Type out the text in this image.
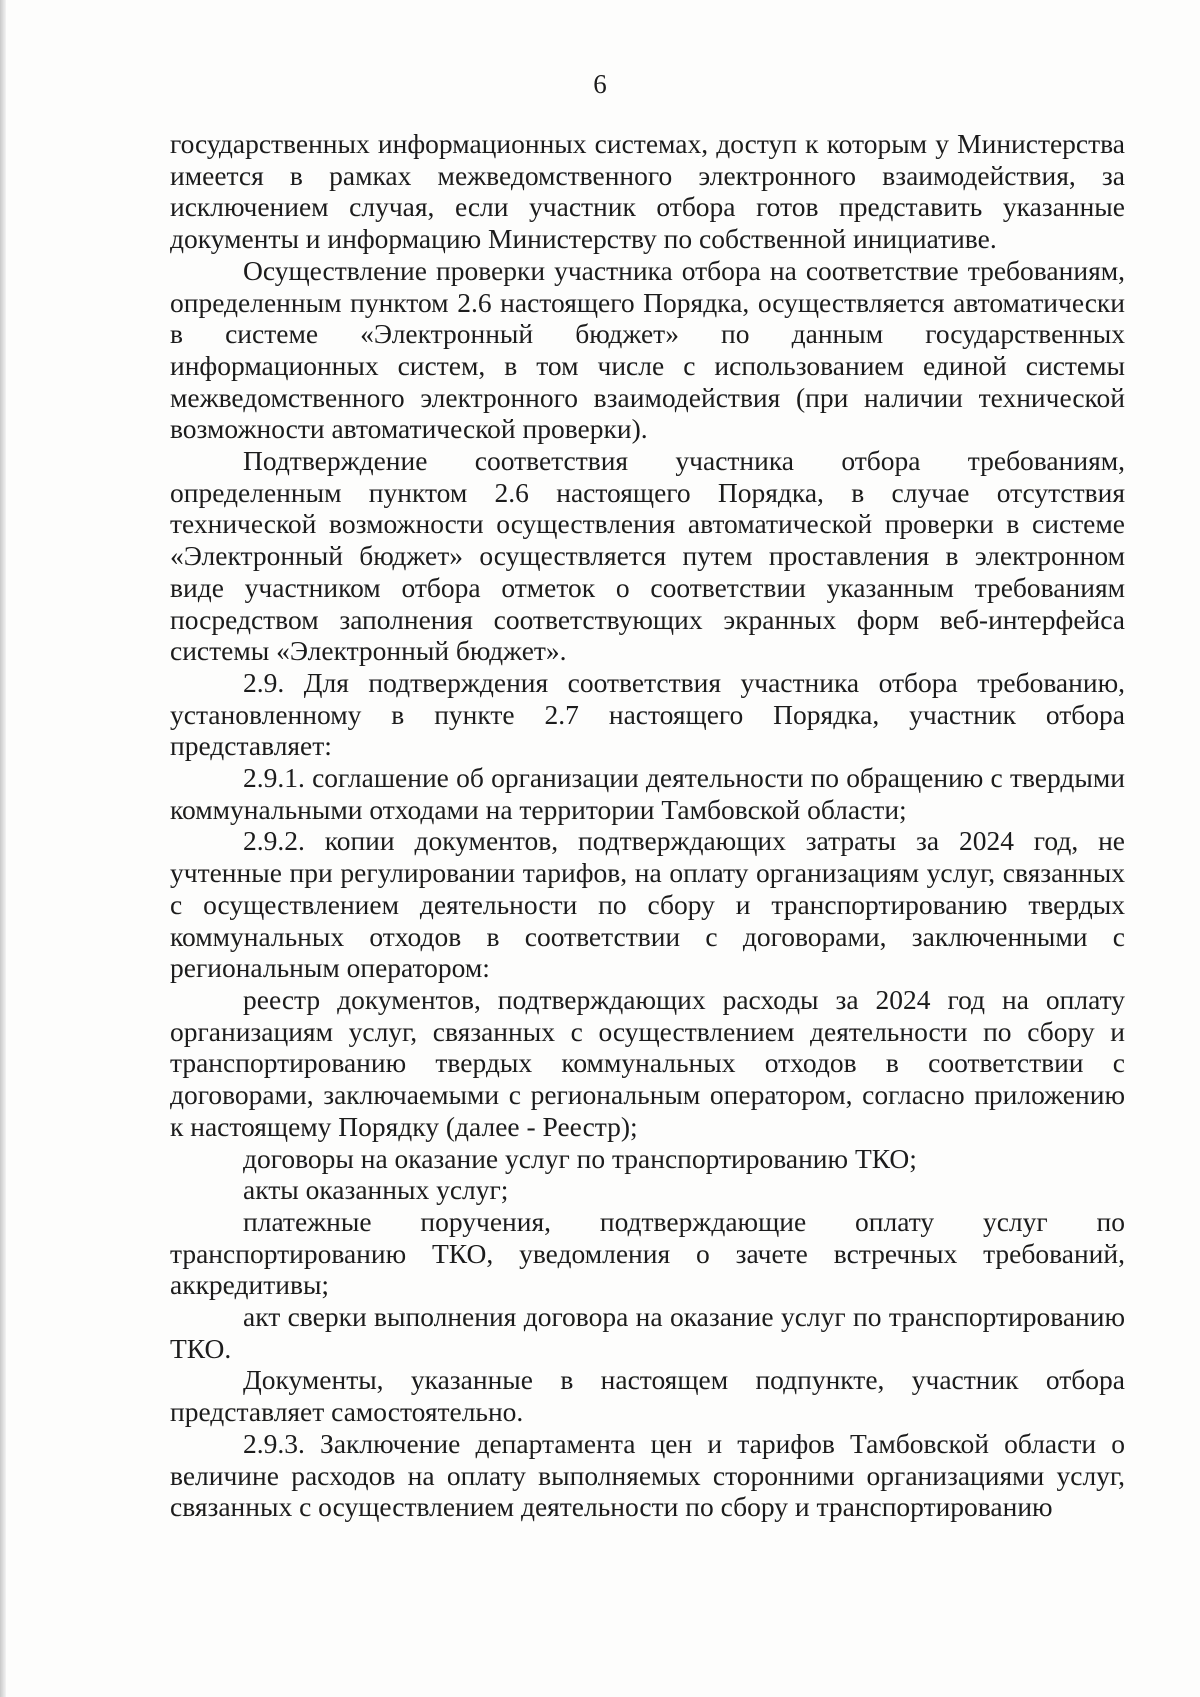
6

государственных информационных системах, доступ к которым у Министерства имеется в рамках межведомственного электронного взаимодействия, за исключением случая, если участник отбора готов представить указанные документы и информацию Министерству по собственной инициативе.

Осуществление проверки участника отбора на соответствие требованиям, определенным пунктом 2.6 настоящего Порядка, осуществляется автоматически в системе «Электронный бюджет» по данным государственных информационных систем, в том числе с использованием единой системы межведомственного электронного взаимодействия (при наличии технической возможности автоматической проверки).

Подтверждение соответствия участника отбора требованиям, определенным пунктом 2.6 настоящего Порядка, в случае отсутствия технической возможности осуществления автоматической проверки в системе «Электронный бюджет» осуществляется путем проставления в электронном виде участником отбора отметок о соответствии указанным требованиям посредством заполнения соответствующих экранных форм веб-интерфейса системы «Электронный бюджет».

2.9. Для подтверждения соответствия участника отбора требованию, установленному в пункте 2.7 настоящего Порядка, участник отбора представляет:

2.9.1. соглашение об организации деятельности по обращению с твердыми коммунальными отходами на территории Тамбовской области;

2.9.2. копии документов, подтверждающих затраты за 2024 год, не учтенные при регулировании тарифов, на оплату организациям услуг, связанных с осуществлением деятельности по сбору и транспортированию твердых коммунальных отходов в соответствии с договорами, заключенными с региональным оператором:

реестр документов, подтверждающих расходы за 2024 год на оплату организациям услуг, связанных с осуществлением деятельности по сбору и транспортированию твердых коммунальных отходов в соответствии с договорами, заключаемыми с региональным оператором, согласно приложению к настоящему Порядку (далее - Реестр);

договоры на оказание услуг по транспортированию ТКО;

акты оказанных услуг;

платежные поручения, подтверждающие оплату услуг по транспортированию ТКО, уведомления о зачете встречных требований, аккредитивы;

акт сверки выполнения договора на оказание услуг по транспортированию ТКО.

Документы, указанные в настоящем подпункте, участник отбора представляет самостоятельно.

2.9.3. Заключение департамента цен и тарифов Тамбовской области о величине расходов на оплату выполняемых сторонними организациями услуг, связанных с осуществлением деятельности по сбору и транспортированию
